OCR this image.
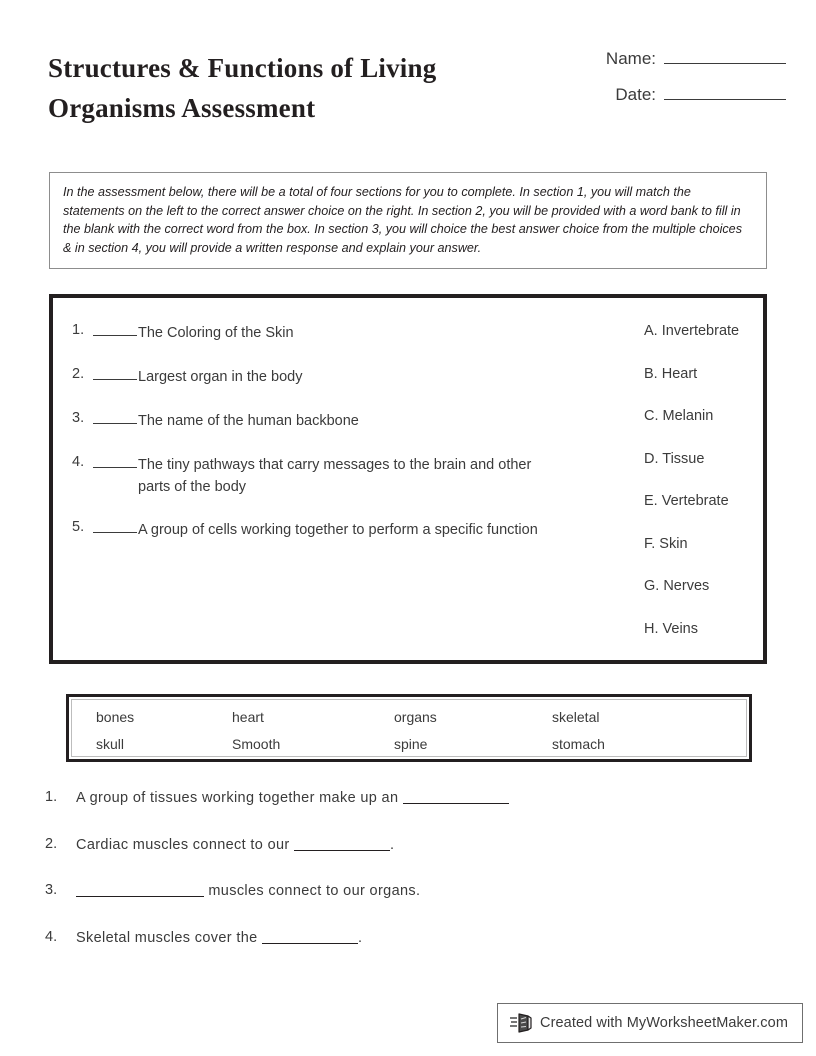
Structures & Functions of Living Organisms Assessment
Name:
Date:
In the assessment below, there will be a total of four sections for you to complete. In section 1, you will match the statements on the left to the correct answer choice on the right. In section 2, you will be provided with a word bank to fill in the blank with the correct word from the box. In section 3, you will choice the best answer choice from the multiple choices & in section 4, you will provide a written response and explain your answer.
1.	The Coloring of the Skin
2.	Largest organ in the body
3.	The name of the human backbone
4.	The tiny pathways that carry messages to the brain and other parts of the body
5.	A group of cells working together to perform a specific function
A. Invertebrate
B. Heart
C. Melanin
D. Tissue
E. Vertebrate
F. Skin
G. Nerves
H. Veins
bones	heart	organs	skeletal
skull	Smooth	spine	stomach
1.	A group of tissues working together make up an
2.	Cardiac muscles connect to our	.
3.	muscles connect to our organs.
4.	Skeletal muscles cover the	.
Created with MyWorksheetMaker.com
